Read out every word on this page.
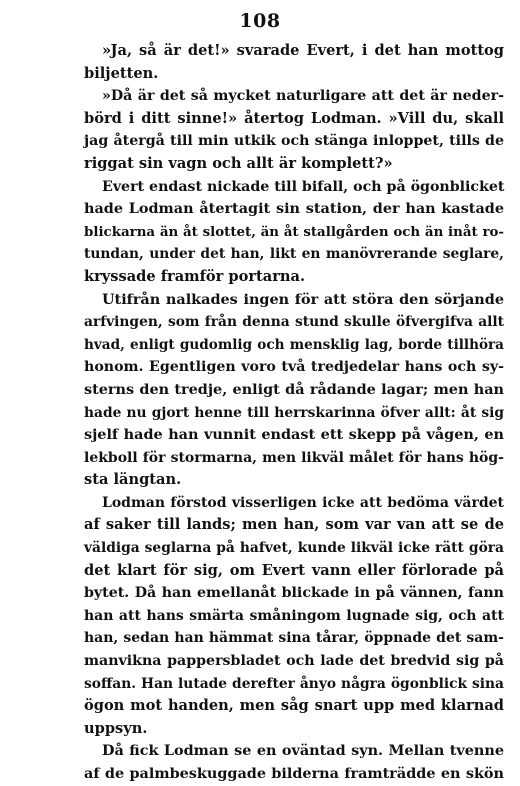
108
»Ja, så är det!» svarade Evert, i det han mottog
biljetten.
»Då är det så mycket naturligare att det är neder-
börd i ditt sinne!» återtog Lodman. »Vill du, skall
jag återgå till min utkik och stänga inloppet, tills de
riggat sin vagn och allt är komplett?»
Evert endast nickade till bifall, och på ögonblicket
hade Lodman återtagit sin station, der han kastade
blickarna än åt slottet, än åt stallgården och än inåt ro-
tundan, under det han, likt en manövrerande seglare,
kryssade framför portarna.
Utifrån nalkades ingen för att störa den sörjande
arfvingen, som från denna stund skulle öfvergifva allt
hvad, enligt gudomlig och mensklig lag, borde tillhöra
honom. Egentligen voro två tredjedelar hans och sy-
sterns den tredje, enligt då rådande lagar; men han
hade nu gjort henne till herrskarinna öfver allt: åt sig
sjelf hade han vunnit endast ett skepp på vågen, en
lekboll för stormarna, men likväl målet för hans hög-
sta längtan.
Lodman förstod visserligen icke att bedöma värdet
af saker till lands; men han, som var van att se de
väldiga seglarna på hafvet, kunde likväl icke rätt göra
det klart för sig, om Evert vann eller förlorade på
bytet. Då han emellanåt blickade in på vännen, fann
han att hans smärta småningom lugnade sig, och att
han, sedan han hämmat sina tårar, öppnade det sam-
manvikna pappersbladet och lade det bredvid sig på
soffan. Han lutade derefter ånyo några ögonblick sina
ögon mot handen, men såg snart upp med klarnad
uppsyn.
Då fick Lodman se en oväntad syn. Mellan tvenne
af de palmbeskuggade bilderna framträdde en skön
